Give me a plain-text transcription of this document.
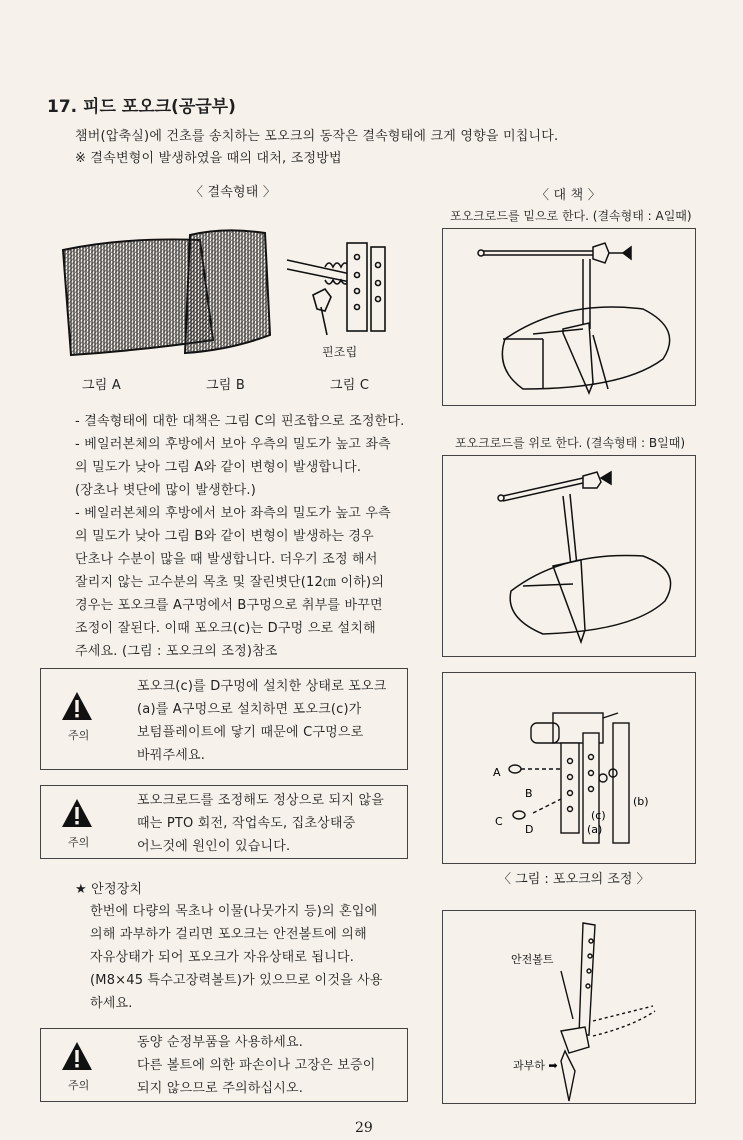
17. 피드 포오크(공급부)
챔버(압축실)에 건초를 송치하는 포오크의 동작은 결속형태에 크게 영향을 미칩니다.
※ 결속변형이 발생하였을 때의 대처, 조정방법
〈 결속형태 〉	〈 대 책 〉
핀조립
그림 A	그림 B	그림 C
- 결속형태에 대한 대책은 그림 C의 핀조합으로 조정한다.
- 베일러본체의 후방에서 보아 우측의 밀도가 높고 좌측
의 밀도가 낮아 그림 A와 같이 변형이 발생합니다.
(장초나 볏단에 많이 발생한다.)
- 베일러본체의 후방에서 보아 좌측의 밀도가 높고 우측
의 밀도가 낮아 그림 B와 같이 변형이 발생하는 경우
단초나 수분이 많을 때 발생합니다. 더우기 조정 해서
잘리지 않는 고수분의 목초 및 잘린볏단(12㎝ 이하)의
경우는 포오크를 A구멍에서 B구멍으로 취부를 바꾸면
조정이 잘된다. 이때 포오크(c)는 D구멍 으로 설치해
주세요. (그림 : 포오크의 조정)참조
주의
포오크(c)를 D구멍에 설치한 상태로 포오크
(a)를 A구멍으로 설치하면 포오크(c)가
보텀플레이트에 닿기 때문에 C구멍으로
바꿔주세요.
주의
포오크로드를 조정해도 정상으로 되지 않을
때는 PTO 회전, 작업속도, 집초상태중
어느것에 원인이 있습니다.
★ 안정장치
한번에 다량의 목초나 이물(나뭇가지 등)의 혼입에
의해 과부하가 걸리면 포오크는 안전볼트에 의해
자유상태가 되어 포오크가 자유상태로 됩니다.
(M8×45 특수고장력볼트)가 있으므로 이것을 사용
하세요.
주의
동양 순정부품을 사용하세요.
다른 볼트에 의한 파손이나 고장은 보증이
되지 않으므로 주의하십시오.
포오크로드를 밑으로 한다. (결속형태 : A일때)
포오크로드를 위로 한다. (결속형태 : B일때)
A
B
C
D
(c)
(b)
(a)
〈 그림 : 포오크의 조정 〉
안전볼트
과부하 ➡
29
